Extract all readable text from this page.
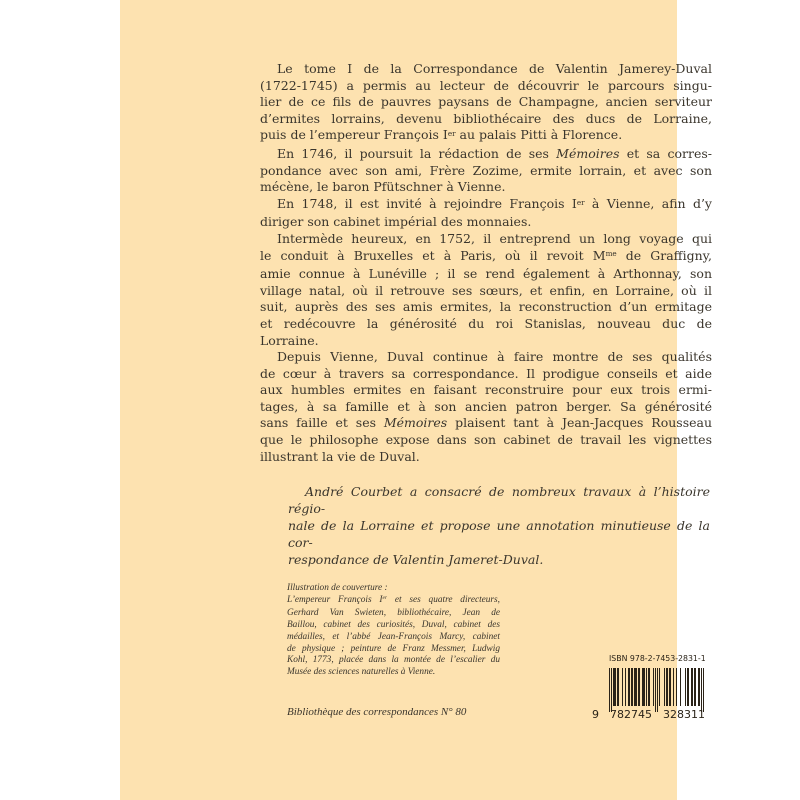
Le tome I de la Correspondance de Valentin Jamerey-Duval
(1722-1745) a permis au lecteur de découvrir le parcours singu-
lier de ce fils de pauvres paysans de Champagne, ancien serviteur
d’ermites lorrains, devenu bibliothécaire des ducs de Lorraine,
puis de l’empereur François Ier au palais Pitti à Florence.
En 1746, il poursuit la rédaction de ses Mémoires et sa corres-
pondance avec son ami, Frère Zozime, ermite lorrain, et avec son
mécène, le baron Pfütschner à Vienne.
En 1748, il est invité à rejoindre François Ier à Vienne, afin d’y
diriger son cabinet impérial des monnaies.
Intermède heureux, en 1752, il entreprend un long voyage qui
le conduit à Bruxelles et à Paris, où il revoit $M^{me}$ de Graffigny,
amie connue à Lunéville ; il se rend également à Arthonnay, son
village natal, où il retrouve ses sœurs, et enfin, en Lorraine, où il
suit, auprès des ses amis ermites, la reconstruction d’un ermitage
et redécouvre la générosité du roi Stanislas, nouveau duc de
Lorraine.
Depuis Vienne, Duval continue à faire montre de ses qualités
de cœur à travers sa correspondance. Il prodigue conseils et aide
aux humbles ermites en faisant reconstruire pour eux trois ermi-
tages, à sa famille et à son ancien patron berger. Sa générosité
sans faille et ses Mémoires plaisent tant à Jean-Jacques Rousseau
que le philosophe expose dans son cabinet de travail les vignettes
illustrant la vie de Duval.
André Courbet a consacré de nombreux travaux à l’histoire régio-
nale de la Lorraine et propose une annotation minutieuse de la cor-
respondance de Valentin Jameret-Duval.
Illustration de couverture :
L’empereur François Ier et ses quatre directeurs,
Gerhard Van Swieten, bibliothécaire, Jean de
Baillou, cabinet des curiosités, Duval, cabinet des
médailles, et l’abbé Jean-François Marcy, cabinet
de physique ; peinture de Franz Messmer, Ludwig
Kohl, 1773, placée dans la montée de l’escalier du
Musée des sciences naturelles à Vienne.
Bibliothèque des correspondances N° 80
ISBN 978-2-7453-2831-1
9 782745 328311
